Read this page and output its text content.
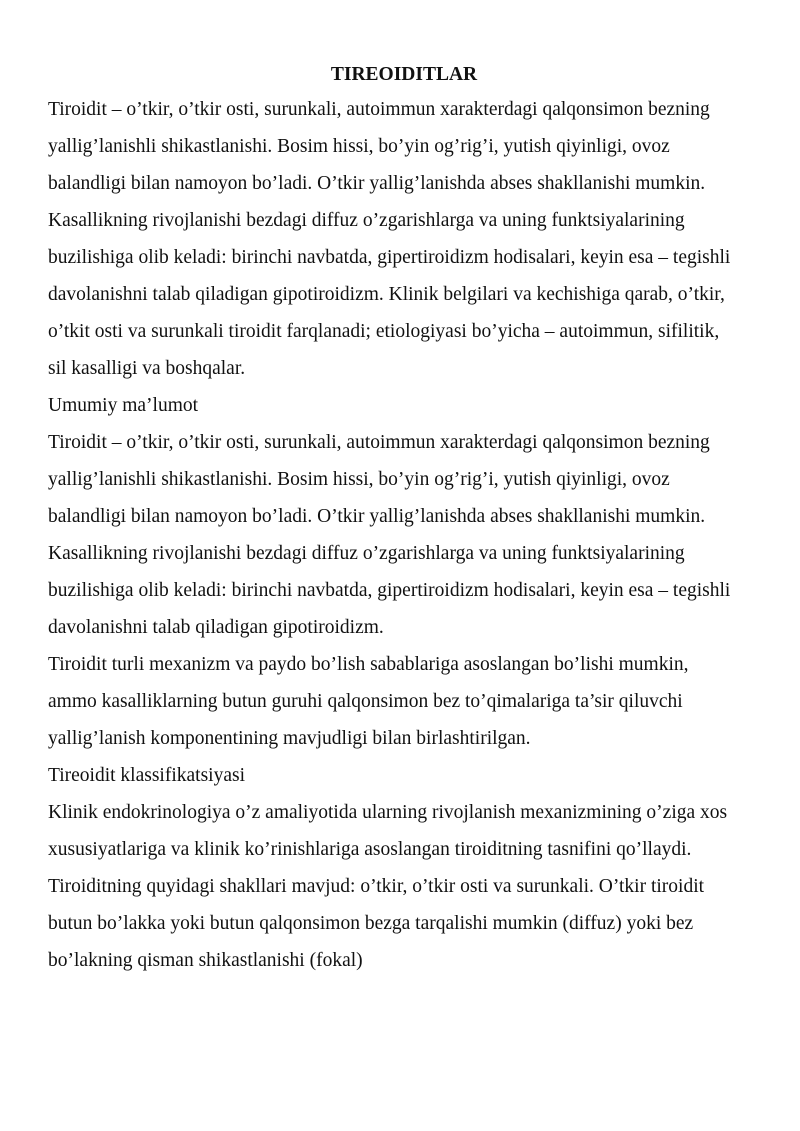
TIREOIDITLAR

Tiroidit – o’tkir, o’tkir osti, surunkali, autoimmun xarakterdagi qalqonsimon bezning yallig’lanishli shikastlanishi. Bosim hissi, bo’yin og’rig’i, yutish qiyinligi, ovoz balandligi bilan namoyon bo’ladi. O’tkir yallig’lanishda abses shakllanishi mumkin. Kasallikning rivojlanishi bezdagi diffuz o’zgarishlarga va uning funktsiyalarining buzilishiga olib keladi: birinchi navbatda, gipertiroidizm hodisalari, keyin esa – tegishli davolanishni talab qiladigan gipotiroidizm. Klinik belgilari va kechishiga qarab, o’tkir, o’tkit osti va surunkali tiroidit farqlanadi; etiologiyasi bo’yicha – autoimmun, sifilitik, sil kasalligi va boshqalar.

Umumiy ma’lumot

Tiroidit – o’tkir, o’tkir osti, surunkali, autoimmun xarakterdagi qalqonsimon bezning yallig’lanishli shikastlanishi. Bosim hissi, bo’yin og’rig’i, yutish qiyinligi, ovoz balandligi bilan namoyon bo’ladi. O’tkir yallig’lanishda abses shakllanishi mumkin. Kasallikning rivojlanishi bezdagi diffuz o’zgarishlarga va uning funktsiyalarining buzilishiga olib keladi: birinchi navbatda, gipertiroidizm hodisalari, keyin esa – tegishli davolanishni talab qiladigan gipotiroidizm.

Tiroidit turli mexanizm va paydo bo’lish sabablariga asoslangan bo’lishi mumkin, ammo kasalliklarning butun guruhi qalqonsimon bez to’qimalariga ta’sir qiluvchi yallig’lanish komponentining mavjudligi bilan birlashtirilgan.

Tireoidit klassifikatsiyasi

Klinik endokrinologiya o’z amaliyotida ularning rivojlanish mexanizmining o’ziga xos xususiyatlariga va klinik ko’rinishlariga asoslangan tiroiditning tasnifini qo’llaydi. Tiroiditning quyidagi shakllari mavjud: o’tkir, o’tkir osti va surunkali. O’tkir tiroidit butun bo’lakka yoki butun qalqonsimon bezga tarqalishi mumkin (diffuz) yoki bez bo’lakning qisman shikastlanishi (fokal)
